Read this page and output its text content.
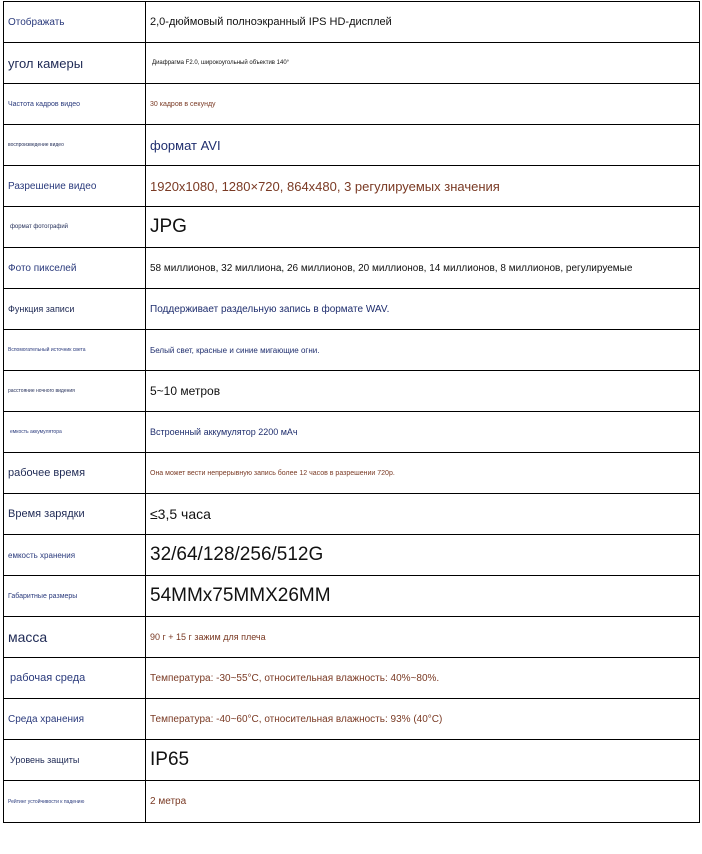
Отображать	2,0-дюймовый полноэкранный IPS HD-дисплей
угол камеры	Диафрагма F2.0, широкоугольный объектив 140°
Частота кадров видео	30 кадров в секунду
воспроизведение видео	формат AVI
Разрешение видео	1920x1080, 1280×720, 864x480, 3 регулируемых значения
формат фотографий	JPG
Фото пикселей	58 миллионов, 32 миллиона, 26 миллионов, 20 миллионов, 14 миллионов, 8 миллионов, регулируемые
Функция записи	Поддерживает раздельную запись в формате WAV.
Вспомогательный источник света	Белый свет, красные и синие мигающие огни.
расстояние ночного видения	5~10 метров
емкость аккумулятора	Встроенный аккумулятор 2200 мАч
рабочее время	Она может вести непрерывную запись более 12 часов в разрешении 720р.
Время зарядки	≤3,5 часа
емкость хранения	32/64/128/256/512G
Габаритные размеры	54MMx75MMX26MM
масса	90 г + 15 г зажим для плеча
рабочая среда	Температура: -30~55°С, относительная влажность: 40%~80%.
Среда хранения	Температура: -40~60°С, относительная влажность: 93% (40°С)
Уровень защиты	IP65
Рейтинг устойчивости к падению	2 метра
